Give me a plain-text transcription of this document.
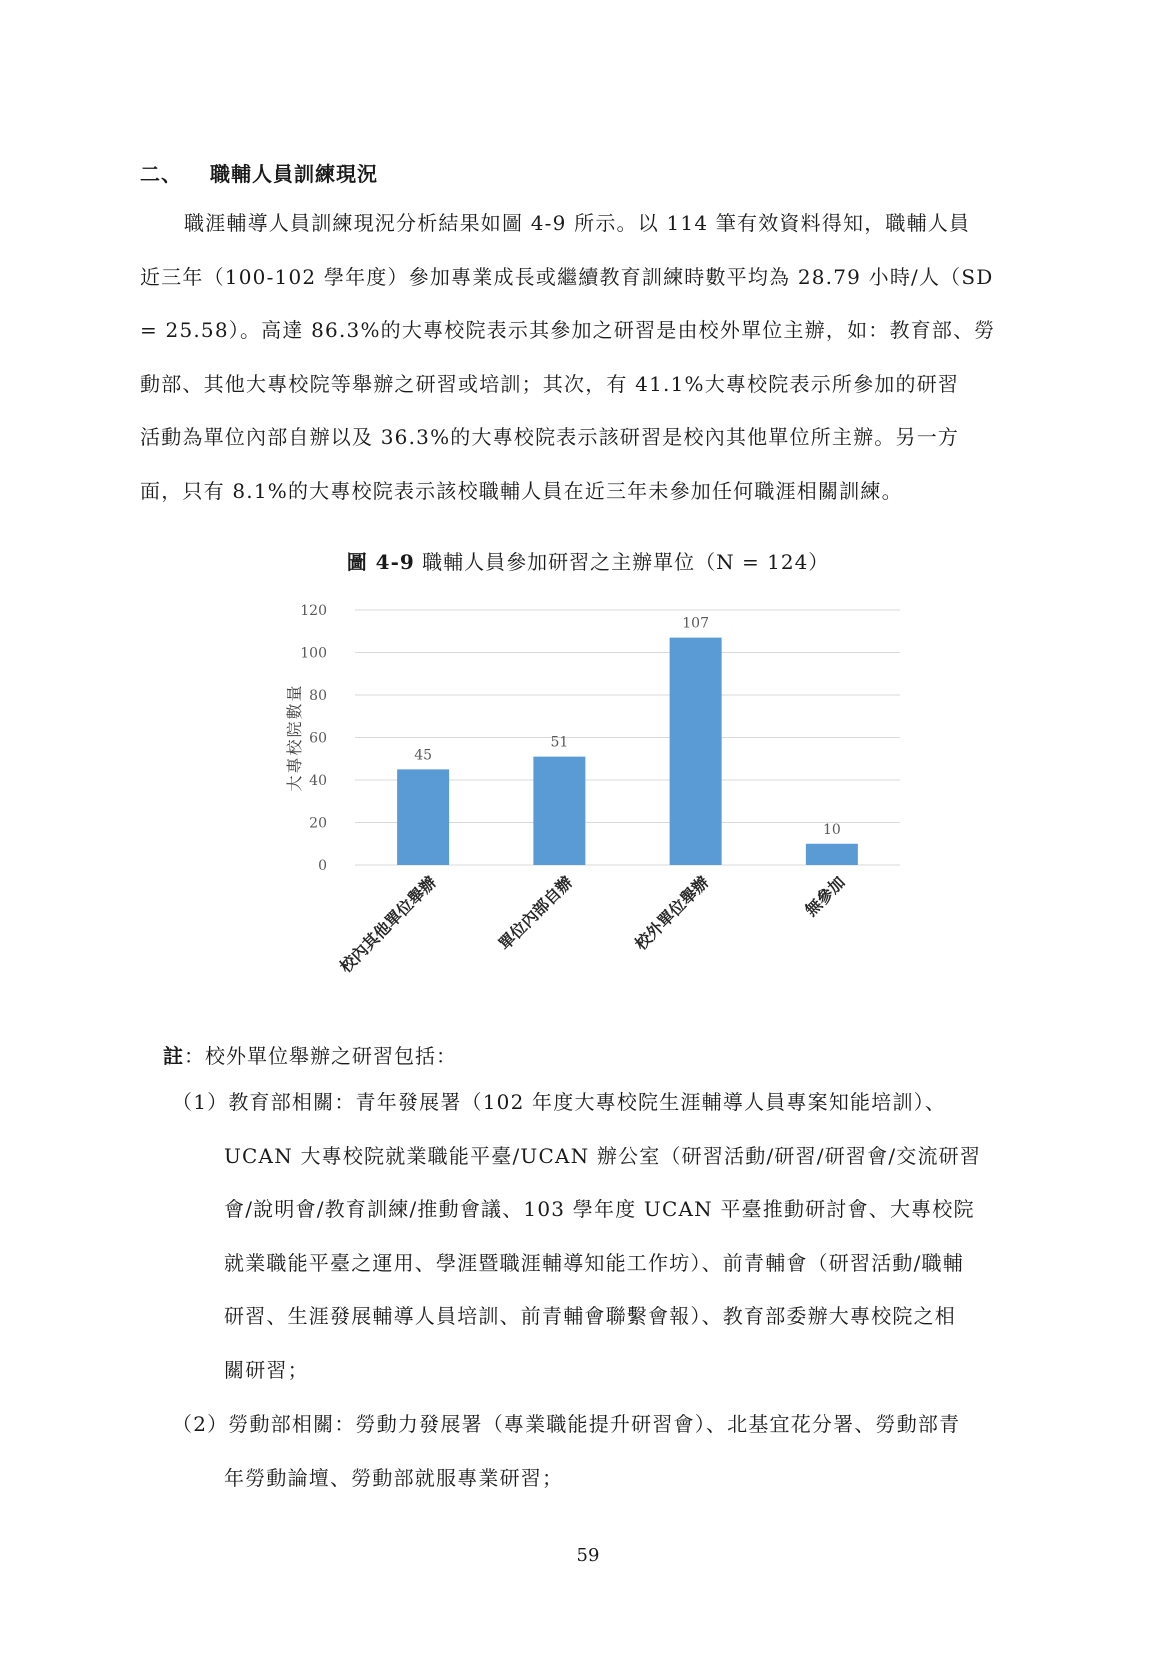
二、 職輔人員訓練現況
職涯輔導人員訓練現況分析結果如圖 4-9 所示。以 114 筆有效資料得知，職輔人員
近三年（100-102 學年度）參加專業成長或繼續教育訓練時數平均為 28.79 小時/人（SD
= 25.58）。高達 86.3%的大專校院表示其參加之研習是由校外單位主辦，如：教育部、勞
動部、其他大專校院等舉辦之研習或培訓；其次，有 41.1%大專校院表示所參加的研習
活動為單位內部自辦以及 36.3%的大專校院表示該研習是校內其他單位所主辦。另一方
面，只有 8.1%的大專校院表示該校職輔人員在近三年未參加任何職涯相關訓練。
圖 4-9 職輔人員參加研習之主辦單位（N = 124）
0
20
40
60
80
100
120
大專校院數量	45
校內其他單位舉辦
51
單位內部自辦
107
校外單位舉辦
10
無參加
註：校外單位舉辦之研習包括：
（1）教育部相關：青年發展署（102 年度大專校院生涯輔導人員專案知能培訓）、
UCAN 大專校院就業職能平臺/UCAN 辦公室（研習活動/研習/研習會/交流研習
會/說明會/教育訓練/推動會議、103 學年度 UCAN 平臺推動研討會、大專校院
就業職能平臺之運用、學涯暨職涯輔導知能工作坊）、前青輔會（研習活動/職輔
研習、生涯發展輔導人員培訓、前青輔會聯繫會報）、教育部委辦大專校院之相
關研習；
（2）勞動部相關：勞動力發展署（專業職能提升研習會）、北基宜花分署、勞動部青
年勞動論壇、勞動部就服專業研習；
59
